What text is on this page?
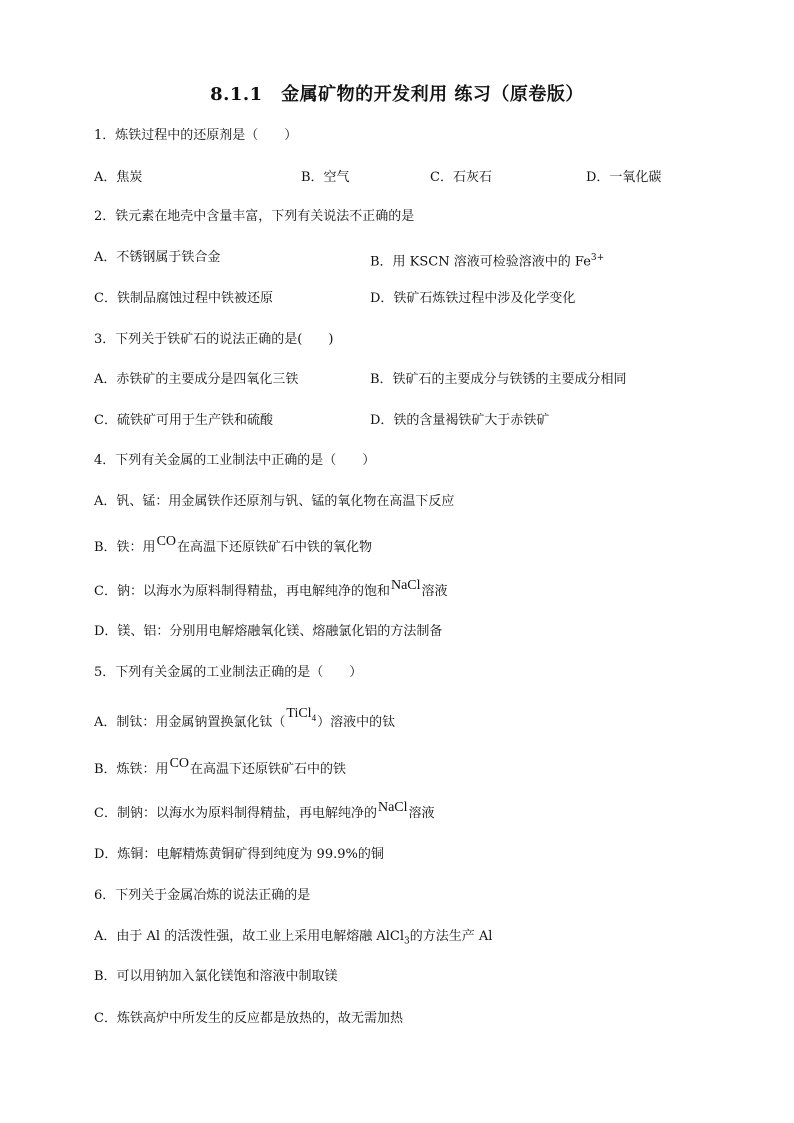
8.1.1　金属矿物的开发利用 练习（原卷版）
1．炼铁过程中的还原剂是（　　）
A．焦炭	B．空气	C．石灰石	D．一氧化碳
2．铁元素在地壳中含量丰富，下列有关说法不正确的是
A．不锈钢属于铁合金	B．用 KSCN 溶液可检验溶液中的 $Fe^{3+}$
C．铁制品腐蚀过程中铁被还原	D．铁矿石炼铁过程中涉及化学变化
3．下列关于铁矿石的说法正确的是(　　)
A．赤铁矿的主要成分是四氧化三铁	B．铁矿石的主要成分与铁锈的主要成分相同
C．硫铁矿可用于生产铁和硫酸	D．铁的含量褐铁矿大于赤铁矿
4．下列有关金属的工业制法中正确的是（　　）
A．钒、锰：用金属铁作还原剂与钒、锰的氧化物在高温下反应
B．铁：用CO在高温下还原铁矿石中铁的氧化物
C．钠：以海水为原料制得精盐，再电解纯净的饱和NaCl溶液
D．镁、铝：分别用电解熔融氧化镁、熔融氯化铝的方法制备
5．下列有关金属的工业制法正确的是（　　）
A．制钛：用金属钠置换氯化钛（TiCl$_4$）溶液中的钛
B．炼铁：用CO在高温下还原铁矿石中的铁
C．制钠：以海水为原料制得精盐，再电解纯净的NaCl溶液
D．炼铜：电解精炼黄铜矿得到纯度为 99.9%的铜
6．下列关于金属冶炼的说法正确的是
A．由于 Al 的活泼性强，故工业上采用电解熔融 AlCl$_3$的方法生产 Al
B．可以用钠加入氯化镁饱和溶液中制取镁
C．炼铁高炉中所发生的反应都是放热的，故无需加热
